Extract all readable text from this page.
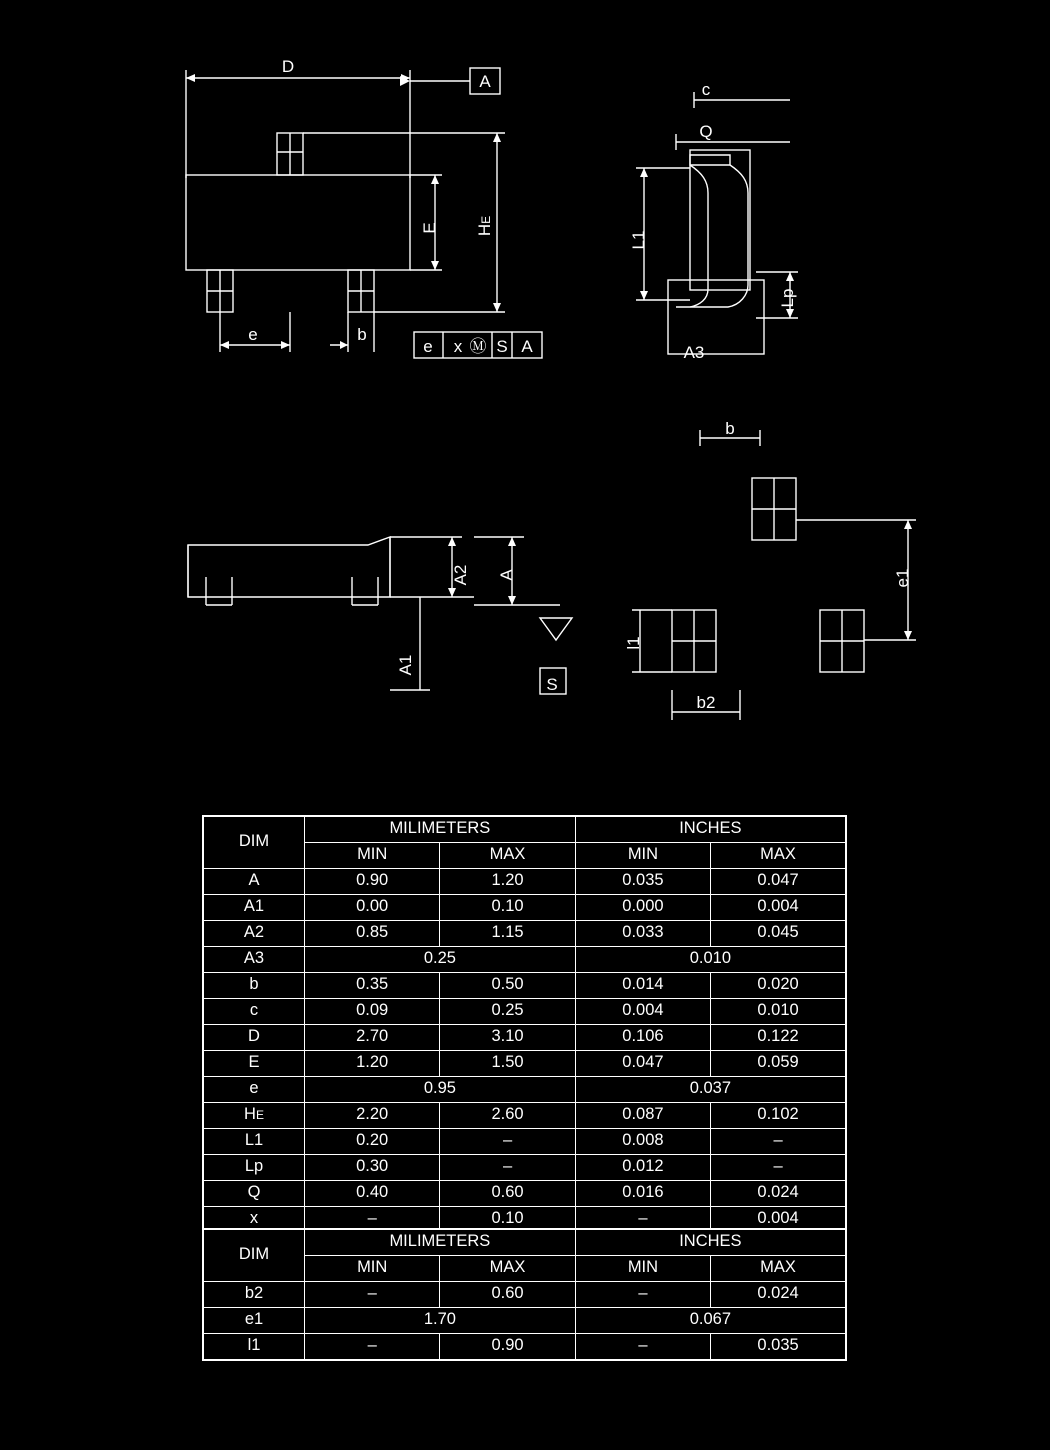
D
A
E HE
e	b
e x Ⓜ S A
c
Q
L1
Lp
A3
A2 A
A1
S
b
e1
l1
b2
DIM	MILIMETERS		INCHES	
	MIN	MAX	MIN	MAX
A	0.90	1.20	0.035	0.047
A1	0.00	0.10	0.000	0.004
A2	0.85	1.15	0.033	0.045
A3	0.25		0.010	
b	0.35	0.50	0.014	0.020
c	0.09	0.25	0.004	0.010
D	2.70	3.10	0.106	0.122
E	1.20	1.50	0.047	0.059
e	0.95		0.037	
HE	2.20	2.60	0.087	0.102
L1	0.20	–	0.008	–
Lp	0.30	–	0.012	–
Q	0.40	0.60	0.016	0.024
x	–	0.10	–	0.004
DIM	MILIMETERS		INCHES	
	MIN	MAX	MIN	MAX
b2	–	0.60	–	0.024
e1	1.70		0.067	
l1	–	0.90	–	0.035
